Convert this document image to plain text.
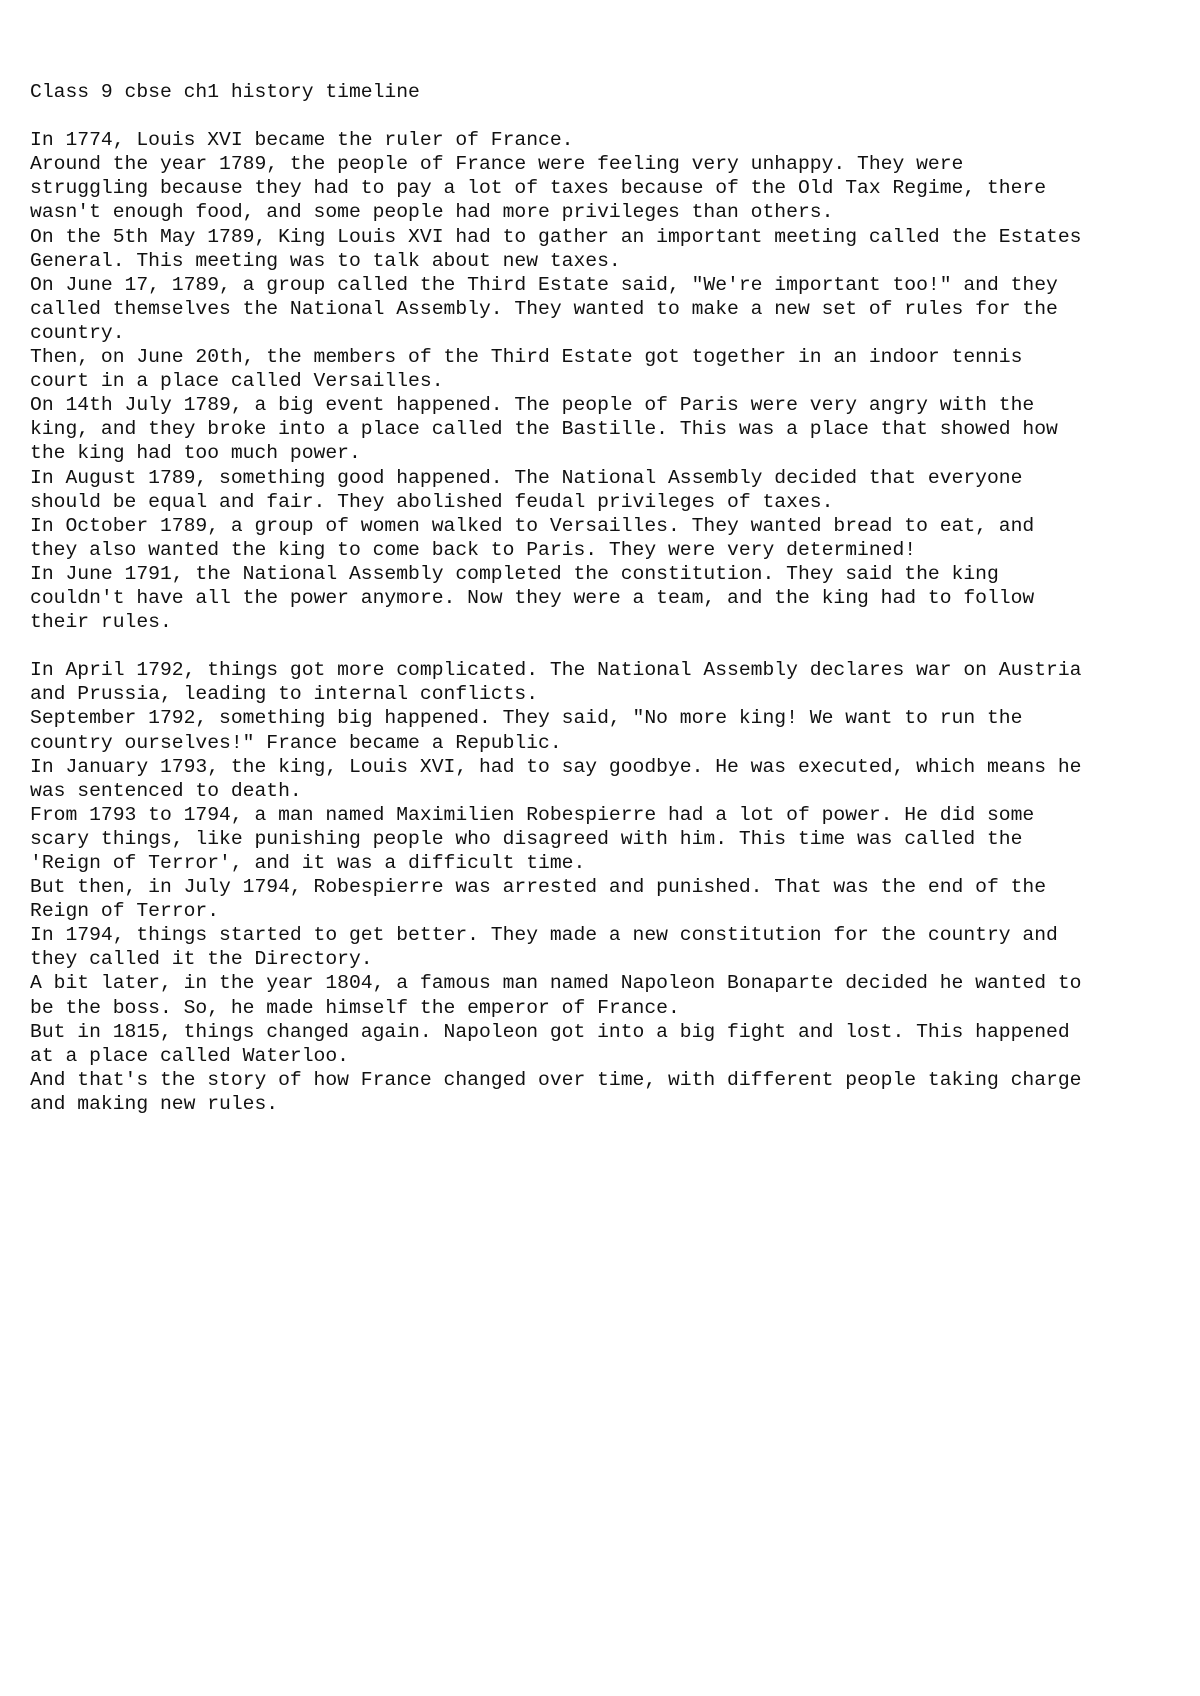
Class 9 cbse ch1 history timeline

In 1774, Louis XVI became the ruler of France.

Around the year 1789, the people of France were feeling very unhappy. They were

struggling because they had to pay a lot of taxes because of the Old Tax Regime, there

wasn't enough food, and some people had more privileges than others.

On the 5th May 1789, King Louis XVI had to gather an important meeting called the Estates

General. This meeting was to talk about new taxes.

On June 17, 1789, a group called the Third Estate said, "We're important too!" and they

called themselves the National Assembly. They wanted to make a new set of rules for the

country.

Then, on June 20th, the members of the Third Estate got together in an indoor tennis

court in a place called Versailles.

On 14th July 1789, a big event happened. The people of Paris were very angry with the

king, and they broke into a place called the Bastille. This was a place that showed how

the king had too much power.

In August 1789, something good happened. The National Assembly decided that everyone

should be equal and fair. They abolished feudal privileges of taxes.

In October 1789, a group of women walked to Versailles. They wanted bread to eat, and

they also wanted the king to come back to Paris. They were very determined!

In June 1791, the National Assembly completed the constitution. They said the king

couldn't have all the power anymore. Now they were a team, and the king had to follow

their rules.

In April 1792, things got more complicated. The National Assembly declares war on Austria

and Prussia, leading to internal conflicts.

September 1792, something big happened. They said, "No more king! We want to run the

country ourselves!" France became a Republic.

In January 1793, the king, Louis XVI, had to say goodbye. He was executed, which means he

was sentenced to death.

From 1793 to 1794, a man named Maximilien Robespierre had a lot of power. He did some

scary things, like punishing people who disagreed with him. This time was called the

'Reign of Terror', and it was a difficult time.

But then, in July 1794, Robespierre was arrested and punished. That was the end of the

Reign of Terror.

In 1794, things started to get better. They made a new constitution for the country and

they called it the Directory.

A bit later, in the year 1804, a famous man named Napoleon Bonaparte decided he wanted to

be the boss. So, he made himself the emperor of France.

But in 1815, things changed again. Napoleon got into a big fight and lost. This happened

at a place called Waterloo.

And that's the story of how France changed over time, with different people taking charge

and making new rules.
